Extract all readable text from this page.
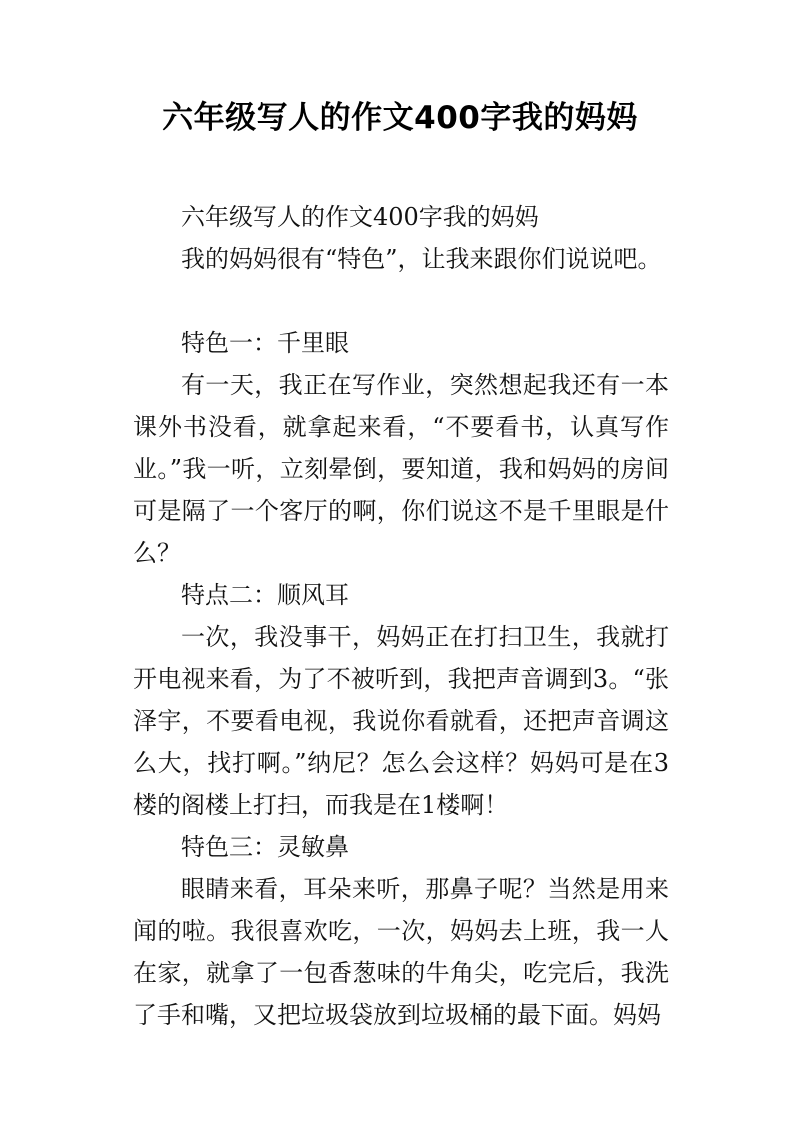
六年级写人的作文400字我的妈妈

六年级写人的作文400字我的妈妈

我的妈妈很有“特色”，让我来跟你们说说吧。

特色一：千里眼

有一天，我正在写作业，突然想起我还有一本课外书没看，就拿起来看，“不要看书，认真写作业。”我一听，立刻晕倒，要知道，我和妈妈的房间可是隔了一个客厅的啊，你们说这不是千里眼是什么？

特点二：顺风耳

一次，我没事干，妈妈正在打扫卫生，我就打开电视来看，为了不被听到，我把声音调到3。“张泽宇，不要看电视，我说你看就看，还把声音调这么大，找打啊。”纳尼？怎么会这样？妈妈可是在3楼的阁楼上打扫，而我是在1楼啊！

特色三：灵敏鼻

眼睛来看，耳朵来听，那鼻子呢？当然是用来闻的啦。我很喜欢吃，一次，妈妈去上班，我一人在家，就拿了一包香葱味的牛角尖，吃完后，我洗了手和嘴，又把垃圾袋放到垃圾桶的最下面。妈妈
